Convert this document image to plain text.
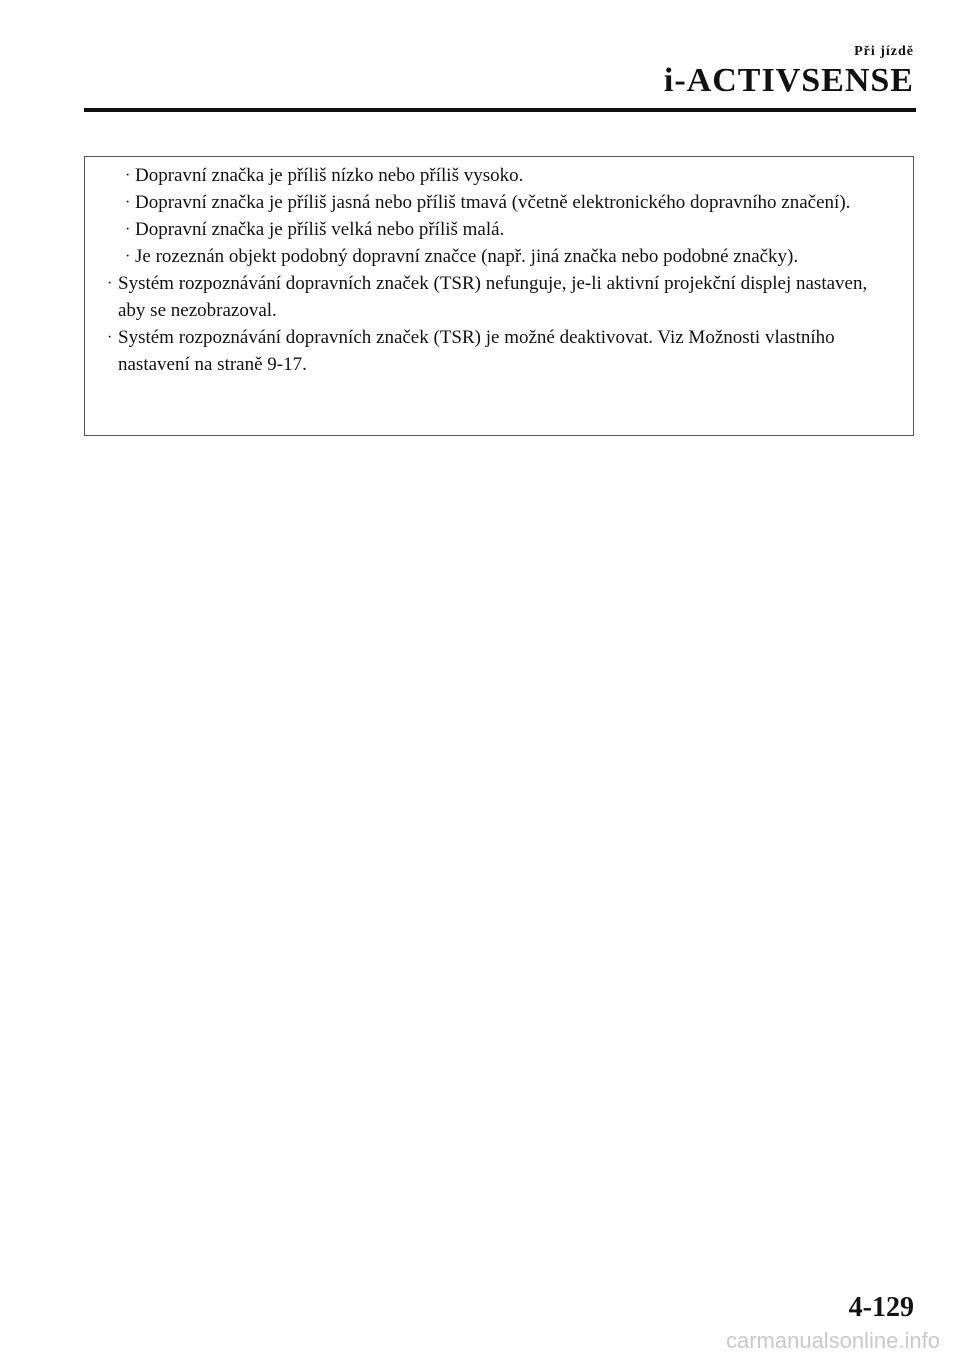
Při jízdě
i-ACTIVSENSE
· Dopravní značka je příliš nízko nebo příliš vysoko.
· Dopravní značka je příliš jasná nebo příliš tmavá (včetně elektronického dopravního značení).
· Dopravní značka je příliš velká nebo příliš malá.
· Je rozeznán objekt podobný dopravní značce (např. jiná značka nebo podobné značky).
· Systém rozpoznávání dopravních značek (TSR) nefunguje, je-li aktivní projekční displej nastaven, aby se nezobrazoval.
· Systém rozpoznávání dopravních značek (TSR) je možné deaktivovat. Viz Možnosti vlastního nastavení na straně 9-17.
4-129
carmanualsonline.info
